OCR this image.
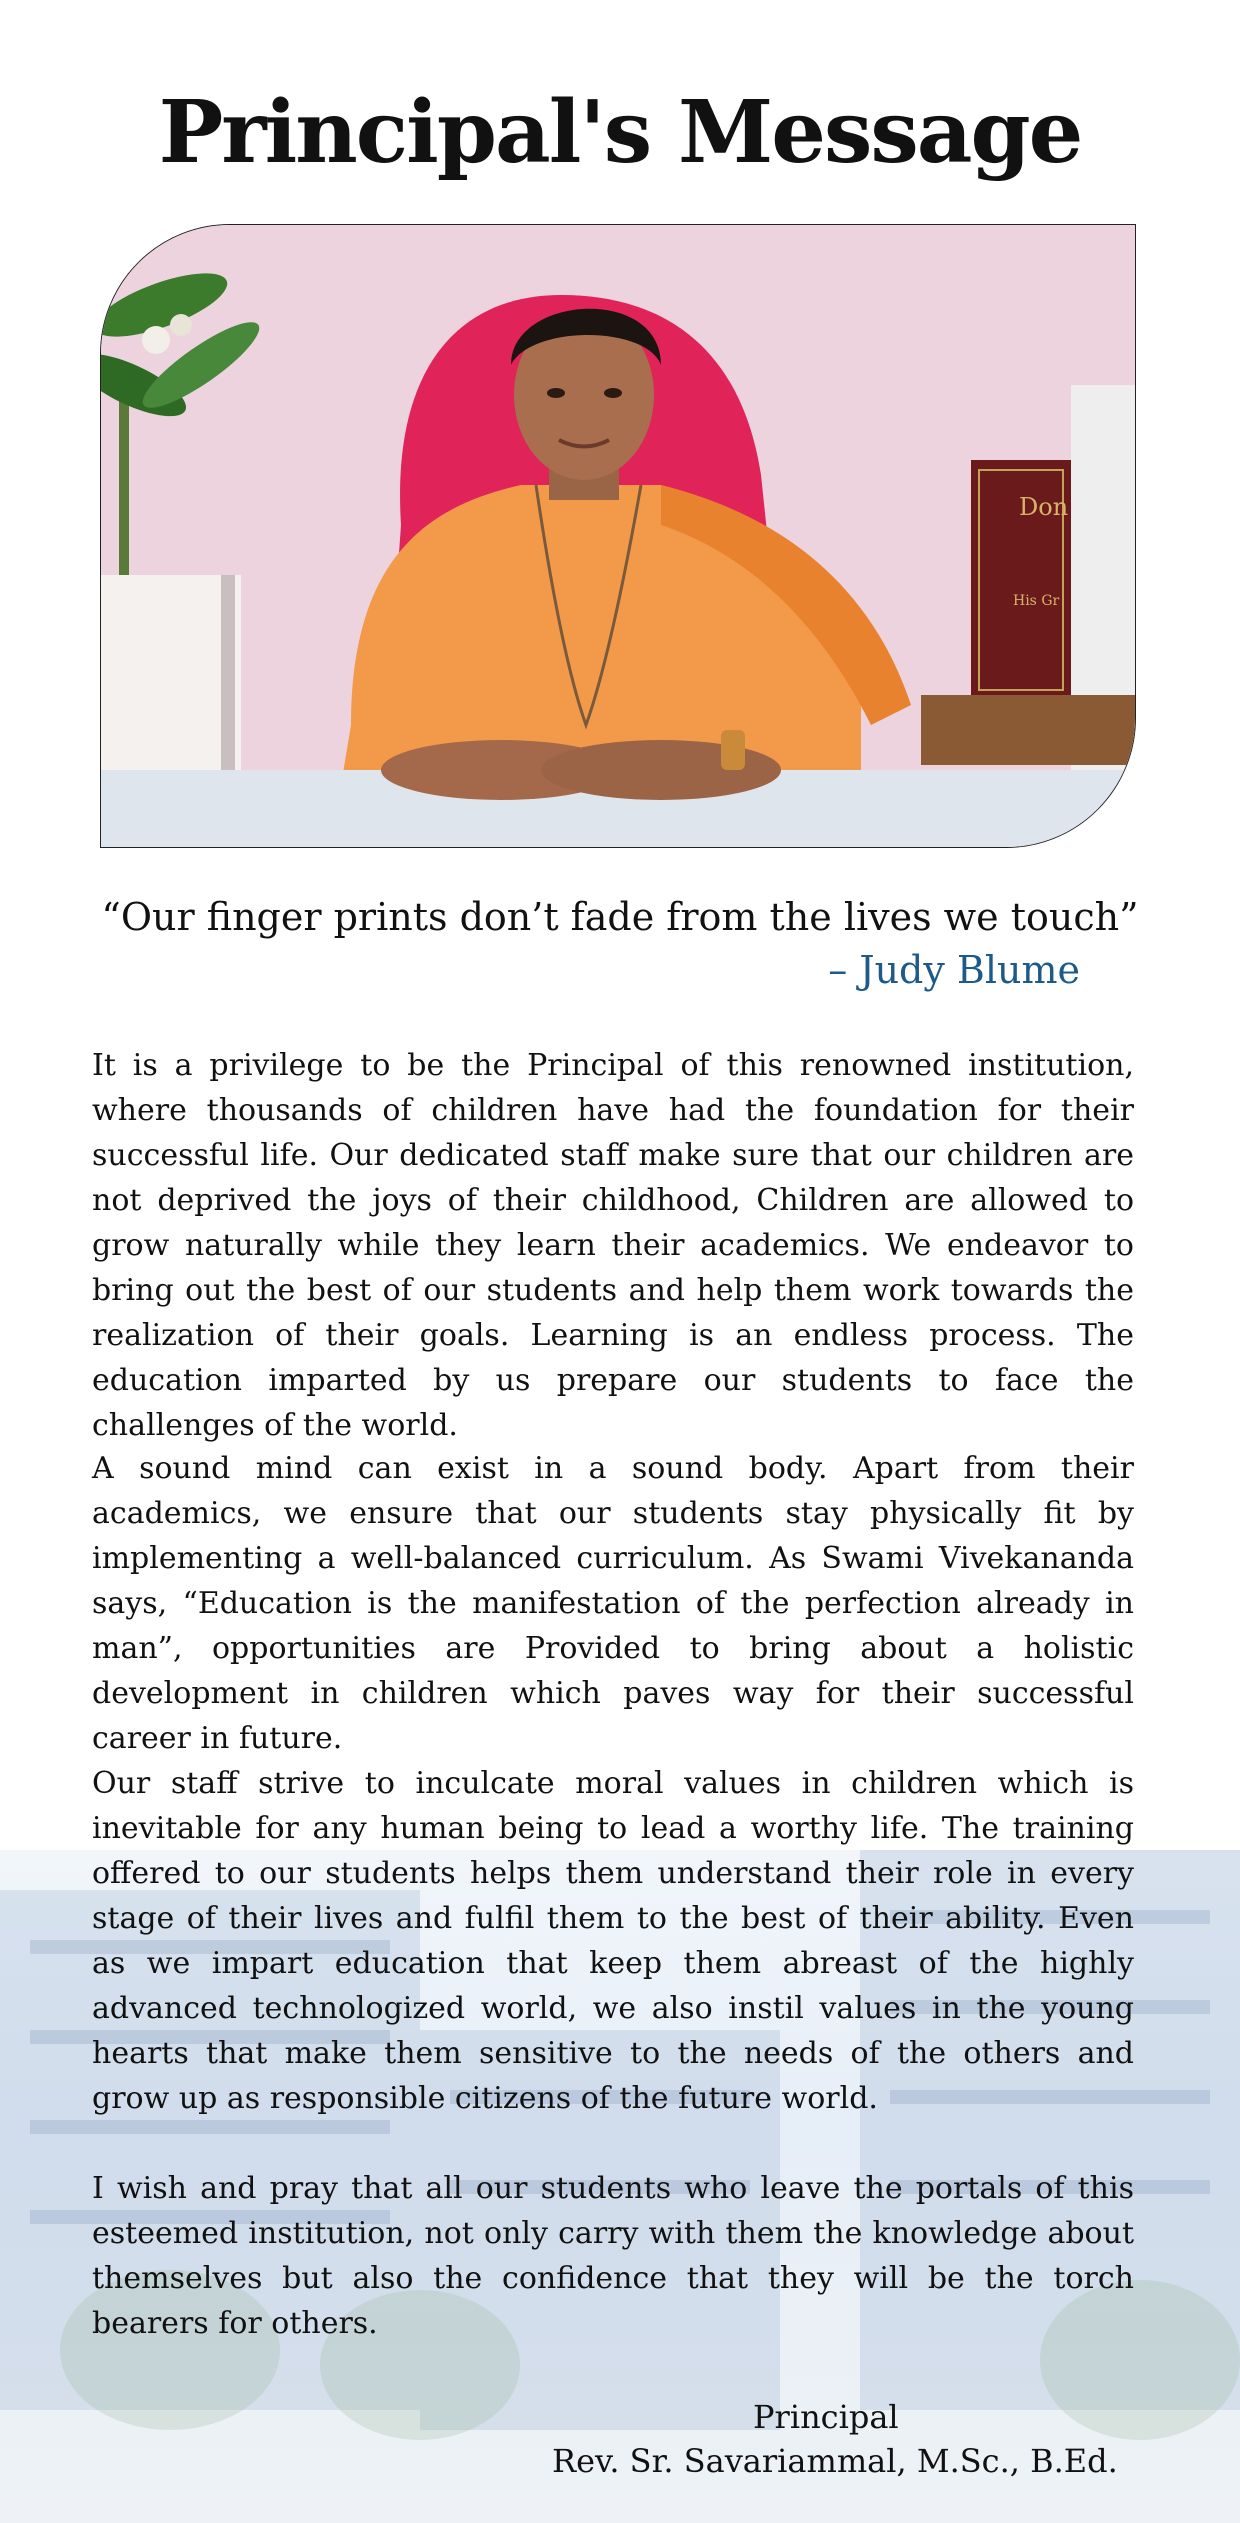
Principal's Message
Don
His Gr
“Our finger prints don’t fade from the lives we touch”
– Judy Blume

It is a privilege to be the Principal of this renowned institution, where thousands of children have had the foundation for their successful life. Our dedicated staff make sure that our children are not deprived the joys of their childhood, Children are allowed to grow naturally while they learn their academics. We endeavor to bring out the best of our students and help them work towards the realization of their goals. Learning is an endless process. The education imparted by us prepare our students to face the challenges of the world.

A sound mind can exist in a sound body. Apart from their academics, we ensure that our students stay physically fit by implementing a well-balanced curriculum. As Swami Vivekananda says, “Education is the manifestation of the perfection already in man”, opportunities are Provided to bring about a holistic development in children which paves way for their successful career in future.

Our staff strive to inculcate moral values in children which is inevitable for any human being to lead a worthy life. The training offered to our students helps them understand their role in every stage of their lives and fulfil them to the best of their ability. Even as we impart education that keep them abreast of the highly advanced technologized world, we also instil values in the young hearts that make them sensitive to the needs of the others and grow up as responsible citizens of the future world.

I wish and pray that all our students who leave the portals of this esteemed institution, not only carry with them the knowledge about themselves but also the confidence that they will be the torch bearers for others.

Principal
Rev. Sr. Savariammal, M.Sc., B.Ed.
